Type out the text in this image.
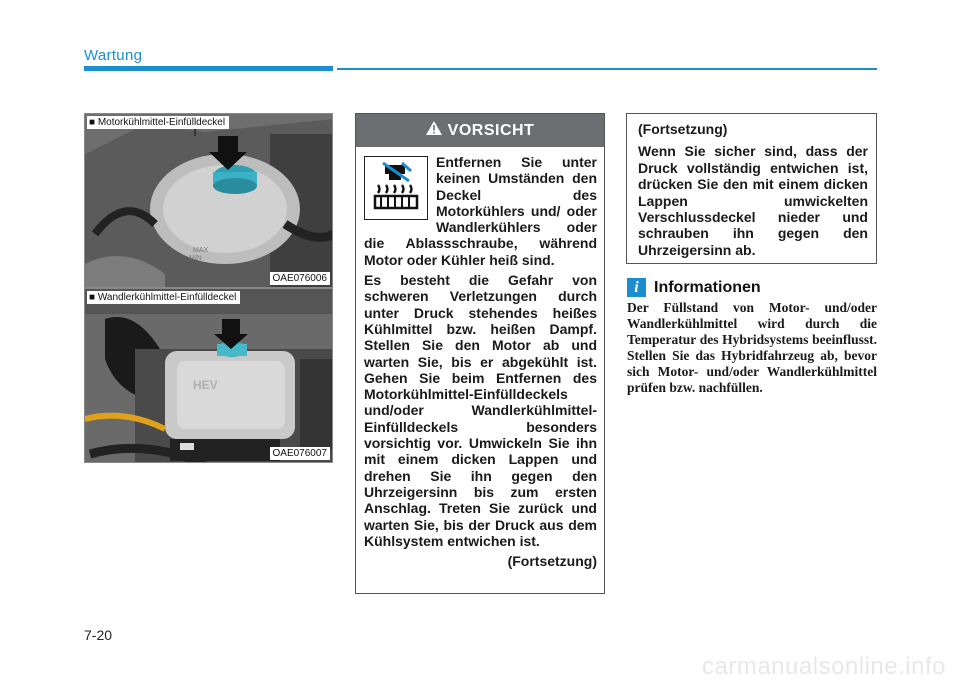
Wartung
MAX
MIN
■ Motorkühlmittel-Einfülldeckel
OAE076006
HEV
■ Wandlerkühlmittel-Einfülldeckel
OAE076007
VORSICHT

Entfernen Sie unter keinen Umständen den Deckel des Motorkühlers und/ oder Wandlerkühlers oder die Ablassschraube, während Motor oder Kühler heiß sind.

Es besteht die Gefahr von schweren Verletzungen durch unter Druck stehendes heißes Kühlmittel bzw. heißen Dampf. Stellen Sie den Motor ab und warten Sie, bis er abgekühlt ist. Gehen Sie beim Entfernen des Motorkühlmittel-Einfülldeckels und/oder Wandlerkühlmittel-Einfülldeckels besonders vorsichtig vor. Umwickeln Sie ihn mit einem dicken Lappen und drehen Sie ihn gegen den Uhrzeigersinn bis zum ersten Anschlag. Treten Sie zurück und warten Sie, bis der Druck aus dem Kühlsystem entwichen ist.

(Fortsetzung)

(Fortsetzung)

Wenn Sie sicher sind, dass der Druck vollständig entwichen ist, drücken Sie den mit einem dicken Lappen umwickelten Verschlussdeckel nieder und schrauben ihn gegen den Uhrzeigersinn ab.

i Informationen
Der Füllstand von Motor- und/oder Wandlerkühlmittel wird durch die Temperatur des Hybridsystems beeinflusst. Stellen Sie das Hybridfahrzeug ab, bevor sich Motor- und/oder Wandlerkühlmittel prüfen bzw. nachfüllen.
7-20
carmanualsonline.info
